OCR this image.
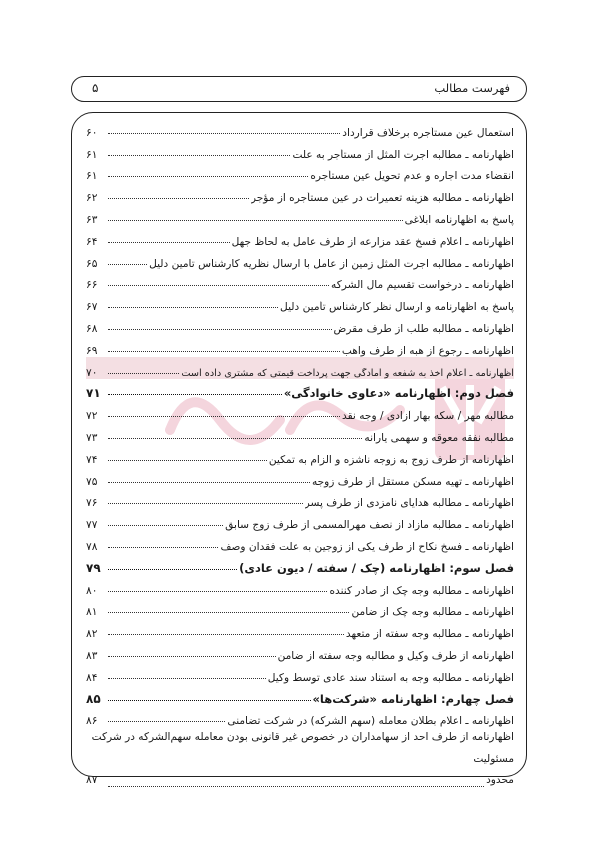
فهرست مطالب
۵
استعمال عین مستأجره برخلاف قرارداد
۶۰
اظهارنامه ـ مطالبه اجرت المثل از مستأجر به علت
۶۱
انقضاء مدت اجاره و عدم تحویل عین مستأجره
۶۱
اظهارنامه ـ مطالبه هزینه تعمیرات در عین مستأجره از مؤجر
۶۲
پاسخ به اظهارنامه ابلاغی
۶۳
اظهارنامه ـ اعلام فسخ عقد مزارعه از طرف عامل به لحاظ جهل
۶۴
اظهارنامه ـ مطالبه اجرت المثل زمین از عامل با ارسال نظریه کارشناس تامین دلیل
۶۵
اظهارنامه ـ درخواست تقسیم مال الشرکه
۶۶
پاسخ به اظهارنامه و ارسال نظر کارشناس تأمین دلیل
۶۷
اظهارنامه ـ مطالبه طلب از طرف مقرض
۶۸
اظهارنامه ـ رجوع از هبه از طرف واهب
۶۹
اظهارنامه ـ اعلام اخذ به شفعه و آمادگی جهت پرداخت قیمتی که مشتری داده است
۷۰
فصل دوم: اظهارنامه «دعاوی خانوادگی»
۷۱
مطالبه مهر / سکه بهار آزادی / وجه نقد
۷۲
مطالبه نفقه معوقه و سهمی یارانه
۷۳
اظهارنامه از طرف زوج به زوجه ناشزه و الزام به تمکین
۷۴
اظهارنامه ـ تهیه مسکن مستقل از طرف زوجه
۷۵
اظهارنامه ـ مطالبه هدایای نامزدی از طرف پسر
۷۶
اظهارنامه ـ مطالبه مازاد از نصف مهرالمسمی از طرف زوج سابق
۷۷
اظهارنامه ـ فسخ نکاح از طرف یکی از زوجین به علت فقدان وصف
۷۸
فصل سوم: اظهارنامه (چک / سفته / دیون عادی)
۷۹
اظهارنامه ـ مطالبه وجه چک از صادر کننده
۸۰
اظهارنامه ـ مطالبه وجه چک از ضامن
۸۱
اظهارنامه ـ مطالبه وجه سفته از متعهد
۸۲
اظهارنامه از طرف وکیل و مطالبه وجه سفته از ضامن
۸۳
اظهارنامه ـ مطالبه وجه به استناد سند عادی توسط وکیل
۸۴
فصل چهارم: اظهارنامه «شرکت‌ها»
۸۵
اظهارنامه ـ اعلام بطلان معامله (سهم الشرکه) در شرکت تضامنی
۸۶
اظهارنامه از طرف احد از سهامداران در خصوص غیر قانونی بودن معامله سهم‌الشرکه در شرکت مسئولیت
محدود
۸۷
